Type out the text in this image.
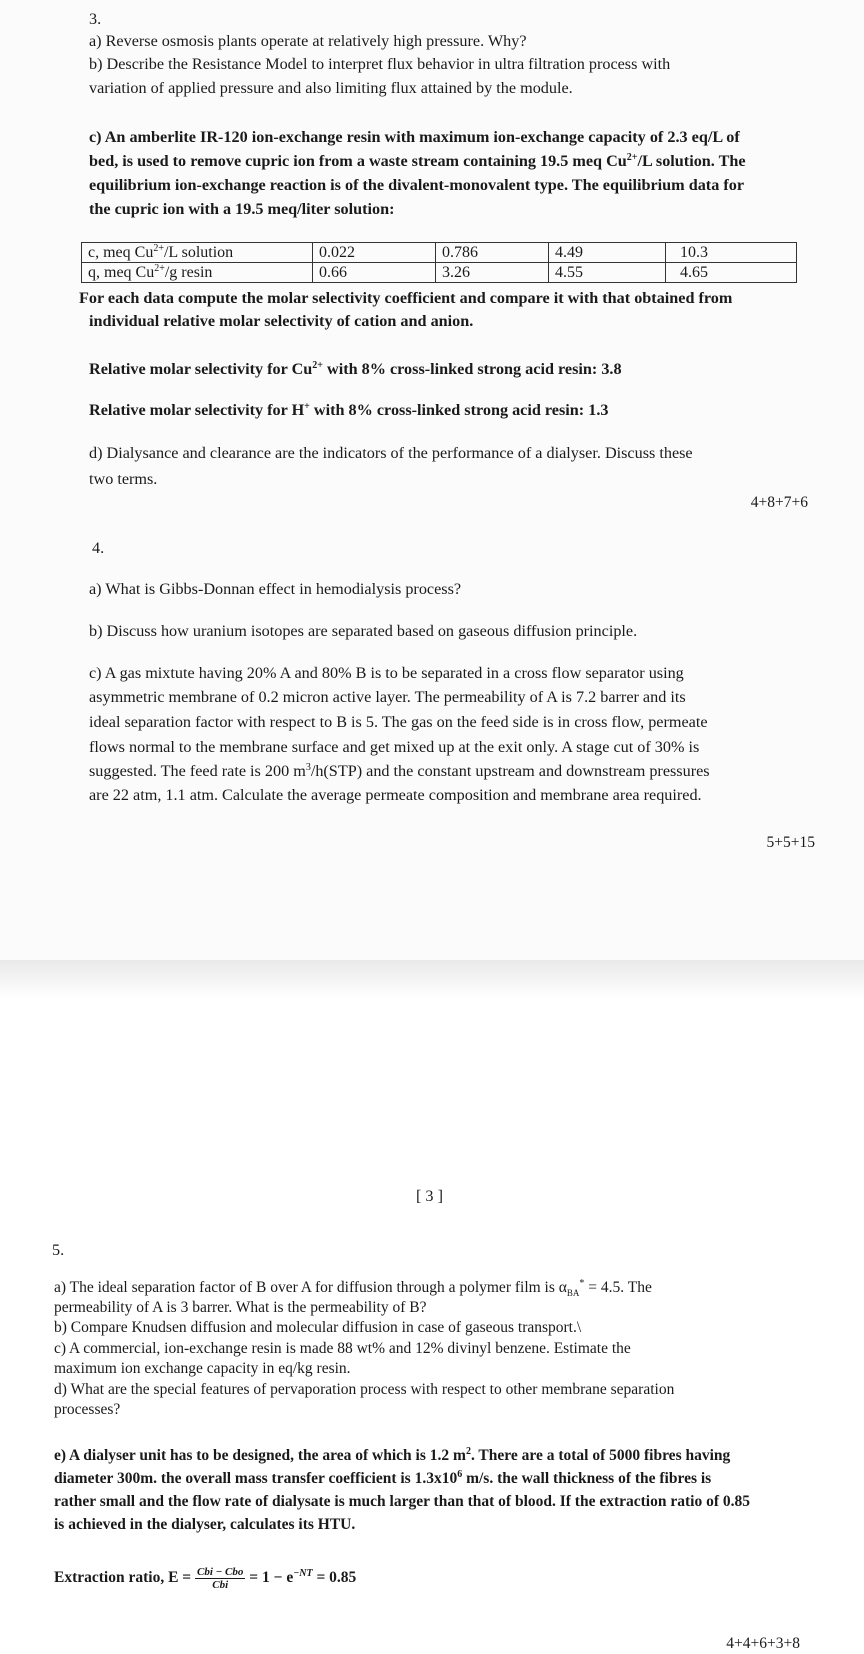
3.
a) Reverse osmosis plants operate at relatively high pressure. Why?
b) Describe the Resistance Model to interpret flux behavior in ultra filtration process with
variation of applied pressure and also limiting flux attained by the module.
c) An amberlite IR-120 ion-exchange resin with maximum ion-exchange capacity of 2.3 eq/L of
bed, is used to remove cupric ion from a waste stream containing 19.5 meq $Cu^{2+}/L$ solution. The
equilibrium ion-exchange reaction is of the divalent-monovalent type. The equilibrium data for
the cupric ion with a 19.5 meq/liter solution:
c, meq $Cu^{2+}/L$ solution	0.022	0.786	4.49	10.3
q, meq $Cu^{2+}/g$ resin	0.66	3.26	4.55	4.65
For each data compute the molar selectivity coefficient and compare it with that obtained from
individual relative molar selectivity of cation and anion.
Relative molar selectivity for $Cu^{2+}$ with 8% cross-linked strong acid resin: 3.8
Relative molar selectivity for H+ with 8% cross-linked strong acid resin: 1.3
d) Dialysance and clearance are the indicators of the performance of a dialyser. Discuss these
two terms.
4+8+7+6
4.
a) What is Gibbs-Donnan effect in hemodialysis process?
b) Discuss how uranium isotopes are separated based on gaseous diffusion principle.
c) A gas mixtute having 20% A and 80% B is to be separated in a cross flow separator using
asymmetric membrane of 0.2 micron active layer. The permeability of A is 7.2 barrer and its
ideal separation factor with respect to B is 5. The gas on the feed side is in cross flow, permeate
flows normal to the membrane surface and get mixed up at the exit only. A stage cut of 30% is
suggested. The feed rate is 200 $m^3/h(STP)$ and the constant upstream and downstream pressures
are 22 atm, 1.1 atm. Calculate the average permeate composition and membrane area required.
5+5+15
[ 3 ]
5.
a) The ideal separation factor of B over A for diffusion through a polymer film is $\alpha_{BA}^* = 4.5$. The
permeability of A is 3 barrer. What is the permeability of B?
b) Compare Knudsen diffusion and molecular diffusion in case of gaseous transport.\
c) A commercial, ion-exchange resin is made 88 wt% and 12% divinyl benzene. Estimate the
maximum ion exchange capacity in eq/kg resin.
d) What are the special features of pervaporation process with respect to other membrane separation
processes?
e) A dialyser unit has to be designed, the area of which is 1.2 $m^2$. There are a total of 5000 fibres having
diameter 300m. the overall mass transfer coefficient is $1.3x10^6$ m/s. the wall thickness of the fibres is
rather small and the flow rate of dialysate is much larger than that of blood. If the extraction ratio of 0.85
is achieved in the dialyser, calculates its HTU.
Extraction ratio, $E = \frac{\text{Cbi − Cbo}}{\text{Cbi}} = 1 - e^{-NT} = 0.85$
4+4+6+3+8
